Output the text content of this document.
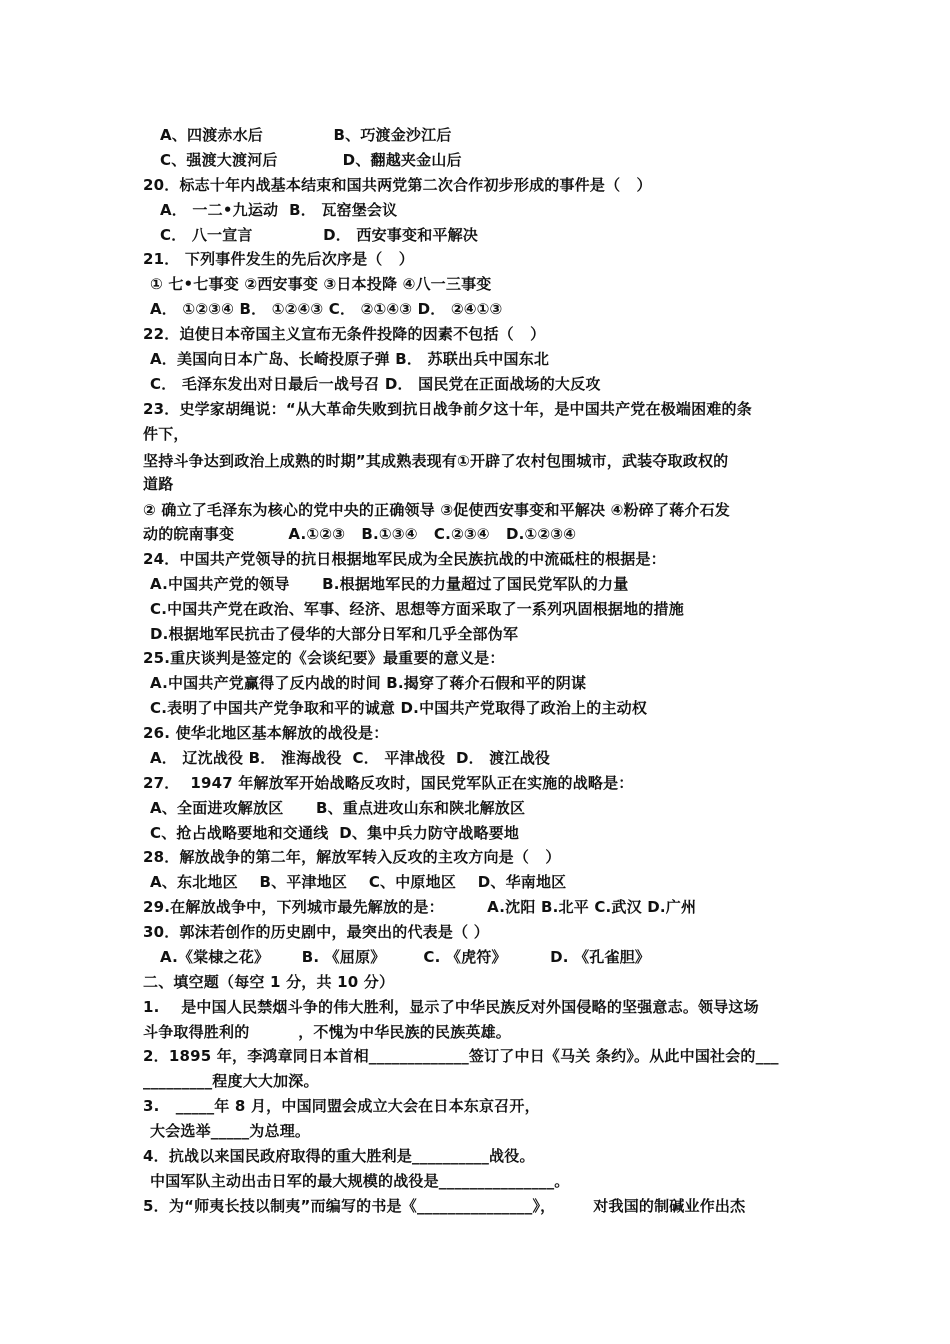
A、四渡赤水后             B、巧渡金沙江后
C、强渡大渡河后            D、翻越夹金山后
20．标志十年内战基本结束和国共两党第二次合作初步形成的事件是（   ）
A． 一二•九运动  B． 瓦窑堡会议
C． 八一宣言             D． 西安事变和平解决
21． 下列事件发生的先后次序是（   ）
① 七•七事变 ②西安事变 ③日本投降 ④八一三事变
A． ①②③④ B． ①②④③ C． ②①④③ D． ②④①③
22．迫使日本帝国主义宣布无条件投降的因素不包括（   ）
A．美国向日本广岛、长崎投原子弹 B． 苏联出兵中国东北
C． 毛泽东发出对日最后一战号召 D． 国民党在正面战场的大反攻
23．史学家胡绳说：“从大革命失败到抗日战争前夕这十年，是中国共产党在极端困难的条
件下，
坚持斗争达到政治上成熟的时期”其成熟表现有①开辟了农村包围城市，武装夺取政权的
道路
② 确立了毛泽东为核心的党中央的正确领导 ③促使西安事变和平解决 ④粉碎了蒋介石发
动的皖南事变          A.①②③   B.①③④   C.②③④   D.①②③④
24．中国共产党领导的抗日根据地军民成为全民族抗战的中流砥柱的根据是：
A.中国共产党的领导      B.根据地军民的力量超过了国民党军队的力量
C.中国共产党在政治、军事、经济、思想等方面采取了一系列巩固根据地的措施
D.根据地军民抗击了侵华的大部分日军和几乎全部伪军
25.重庆谈判是签定的《会谈纪要》最重要的意义是：
A.中国共产党赢得了反内战的时间 B.揭穿了蒋介石假和平的阴谋
C.表明了中国共产党争取和平的诚意 D.中国共产党取得了政治上的主动权
26. 使华北地区基本解放的战役是：
A． 辽沈战役 B． 淮海战役  C． 平津战役  D． 渡江战役
27．  1947 年解放军开始战略反攻时，国民党军队正在实施的战略是：
A、全面进攻解放区      B、重点进攻山东和陕北解放区
C、抢占战略要地和交通线  D、集中兵力防守战略要地
28．解放战争的第二年，解放军转入反攻的主攻方向是（   ）
A、东北地区    B、平津地区    C、中原地区    D、华南地区
29.在解放战争中，下列城市最先解放的是：        A.沈阳 B.北平 C.武汉 D.广州
30．郭沫若创作的历史剧中，最突出的代表是（ ）
A.《棠棣之花》      B. 《屈原》       C. 《虎符》        D. 《孔雀胆》
二、填空题（每空 1 分，共 10 分）
1.    是中国人民禁烟斗争的伟大胜利，显示了中华民族反对外国侵略的坚强意志。领导这场
斗争取得胜利的         ，不愧为中华民族的民族英雄。
2．1895 年，李鸿章同日本首相_____________签订了中日《马关 条约》。从此中国社会的___
_________程度大大加深。
3.   _____年 8 月，中国同盟会成立大会在日本东京召开，
大会选举_____为总理。
4．抗战以来国民政府取得的重大胜利是__________战役。
中国军队主动出击日军的最大规模的战役是_______________。
5．为“师夷长技以制夷”而编写的书是《_______________》，       对我国的制碱业作出杰
